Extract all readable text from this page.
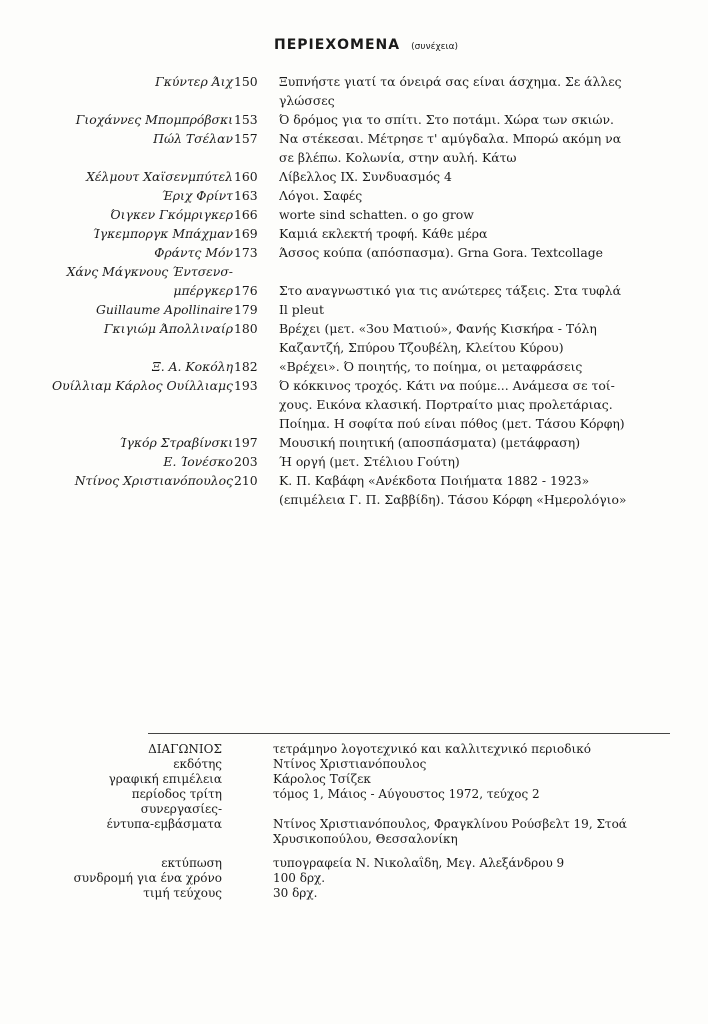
ΠΕΡΙΕΧΟΜΕΝΑ (συνέχεια)
Γκύντερ Άιχ 150	Ξυπνήστε γιατί τα όνειρά σας είναι άσχημα. Σε άλλες
γλώσσες
Γιοχάννες Μπομπρόβσκι 153	Ό δρόμος για το σπίτι. Στο ποτάμι. Χώρα των σκιών.
Πώλ Τσέλαν 157	Να στέκεσαι. Μέτρησε τ' αμύγδαλα. Μπορώ ακόμη να
σε βλέπω. Κολωνία, στην αυλή. Κάτω
Χέλμουτ Χαϊσενμπύτελ 160	Λίβελλος IX. Συνδυασμός 4
Έριχ Φρίντ 163	Λόγοι. Σαφές
Όιγκεν Γκόμριγκερ 166	worte sind schatten. o go grow
Ίγκεμποργκ Μπάχμαν 169	Καμιά εκλεκτή τροφή. Κάθε μέρα
Φράντς Μόν 173	Άσσος κούπα (απόσπασμα). Grna Gora. Textcollage
Χάνς Μάγκνους Έντσενσ-

μπέργκερ 176	Στο αναγνωστικό για τις ανώτερες τάξεις. Στα τυφλά
Guillaume Apollinaire 179	Il pleut
Γκιγιώμ Άπολλιναίρ 180	Βρέχει (μετ. «Зου Ματιού», Φανής Κισκήρα - Τόλη
Καζαντζή, Σπύρου Τζουβέλη, Κλείτου Κύρου)
Ξ. Α. Κοκόλη 182	«Βρέχει». Ό ποιητής, το ποίημα, οι μεταφράσεις
Ουίλλιαμ Κάρλος Ουίλλιαμς 193	Ό κόκκινος τροχός. Κάτι να πούμε... Ανάμεσα σε τοί-
χους. Εικόνα κλασική. Πορτραίτο μιας προλετάριας.
Ποίημα. Η σοφίτα πού είναι πόθος (μετ. Τάσου Κόρφη)
Ίγκόρ Στραβίνσκι 197	Μουσική ποιητική (αποσπάσματα) (μετάφραση)
Ε. Ίονέσκο 203	Ή οργή (μετ. Στέλιου Γούτη)
Ντίνος Χριστιανόπουλος 210	Κ. Π. Καβάφη «Ανέκδοτα Ποιήματα 1882 - 1923»
(επιμέλεια Γ. Π. Σαββίδη). Τάσου Κόρφη «Ημερολόγιο»
ΔΙΑΓΩΝΙΟΣ	τετράμηνο λογοτεχνικό και καλλιτεχνικό περιοδικό
εκδότης	Ντίνος Χριστιανόπουλος
γραφική επιμέλεια	Κάρολος Τσίζεκ
περίοδος τρίτη	τόμος 1, Μάιος - Αύγουστος 1972, τεύχος 2
συνεργασίες-

έντυπα-εμβάσματα	Ντίνος Χριστιανόπουλος, Φραγκλίνου Ρούσβελτ 19, Στοά
Χρυσικοπούλου, Θεσσαλονίκη
εκτύπωση	τυπογραφεία Ν. Νικολαΐδη, Μεγ. Αλεξάνδρου 9
συνδρομή για ένα χρόνο	100 δρχ.
τιμή τεύχους	30 δρχ.
